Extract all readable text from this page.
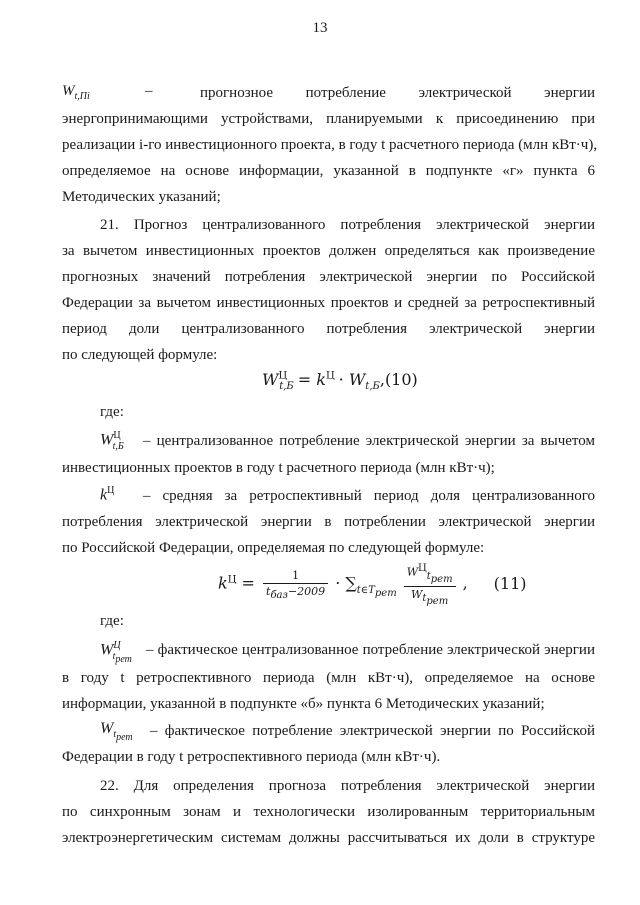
13
$W_{t,Пi}$	–	прогнозное потребление электрической энергии
энергопринимающими устройствами, планируемыми к присоединению при
реализации i-го инвестиционного проекта, в году t расчетного периода (млн кВт·ч),
определяемое на основе информации, указанной в подпункте «г» пункта 6
Методических указаний;
21. Прогноз централизованного потребления электрической энергии
за вычетом инвестиционных проектов должен определяться как произведение
прогнозных значений потребления электрической энергии по Российской
Федерации за вычетом инвестиционных проектов и средней за ретроспективный
период доли централизованного потребления электрической энергии
по следующей формуле:
$W^Ц_{t,Б} = k^Ц \cdot W_{t,Б},(10)$
где:
$W^Ц_{t,Б}$ – централизованное потребление электрической энергии за вычетом
инвестиционных проектов в году t расчетного периода (млн кВт·ч);
$k^Ц$ – средняя за ретроспективный период доля централизованного
потребления электрической энергии в потреблении электрической энергии
по Российской Федерации, определяемая по следующей формуле:
$k^Ц = \frac{1}{t_{баз}-2009} \cdot \sum_{t\in T_{рет}} \frac{W^Ц_{t_{рет}}}{W_{t_{рет}}}$ , (11)
где:
$W^Ц_{t_{рет}}$
– фактическое централизованное потребление электрической энергии
в году t ретроспективного периода (млн кВт·ч), определяемое на основе
информации, указанной в подпункте «б» пункта 6 Методических указаний;
$W_{t_{рет}}$ – фактическое потребление электрической энергии по Российской
Федерации в году t ретроспективного периода (млн кВт·ч).
22. Для определения прогноза потребления электрической энергии
по синхронным зонам и технологически изолированным территориальным
электроэнергетическим системам должны рассчитываться их доли в структуре
